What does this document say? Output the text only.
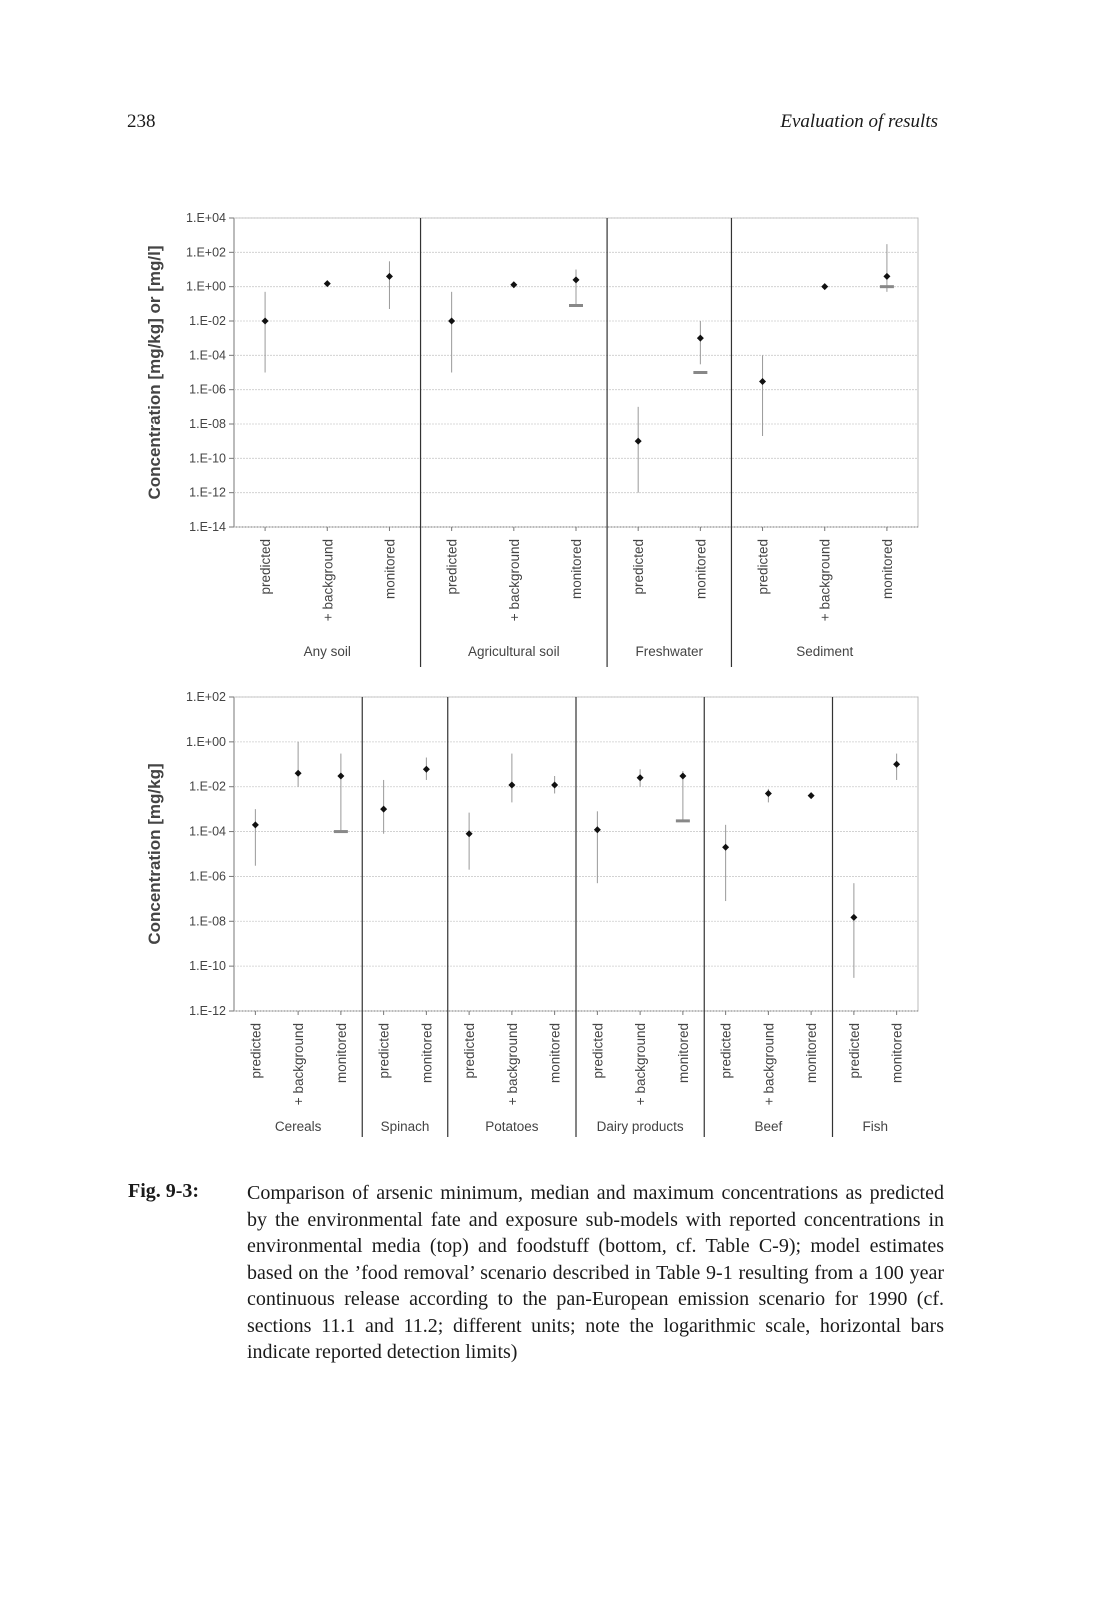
238	Evaluation of results
1.E+04
1.E+02
1.E+00
1.E-02
1.E-04
1.E-06
1.E-08
1.E-10
1.E-12
1.E-14
Concentration [mg/kg] or [mg/l]
predicted	+ background	monitored
Any soil
predicted	+ background	monitored
Agricultural soil
predicted	monitored
Freshwater
predicted	+ background	monitored
Sediment
1.E+02
1.E+00
1.E-02
1.E-04
1.E-06
1.E-08
1.E-10
1.E-12
Concentration [mg/kg]
predicted + background monitored
Cereals
predicted monitored
Spinach
predicted + background monitored
Potatoes
predicted + background monitored
Dairy products
predicted + background monitored
Beef
predicted monitored
Fish
Fig. 9-3: Comparison of arsenic minimum, median and maximum concentrations as predicted by the environmental fate and exposure sub-models with reported concentrations in environmental media (top) and foodstuff (bottom, cf. Table C-9); model estimates based on the ’food removal’ scenario described in Table 9-1 resulting from a 100 year continuous release according to the pan-European emission scenario for 1990 (cf. sections 11.1 and 11.2; different units; note the logarithmic scale, horizontal bars indicate reported detection limits)
